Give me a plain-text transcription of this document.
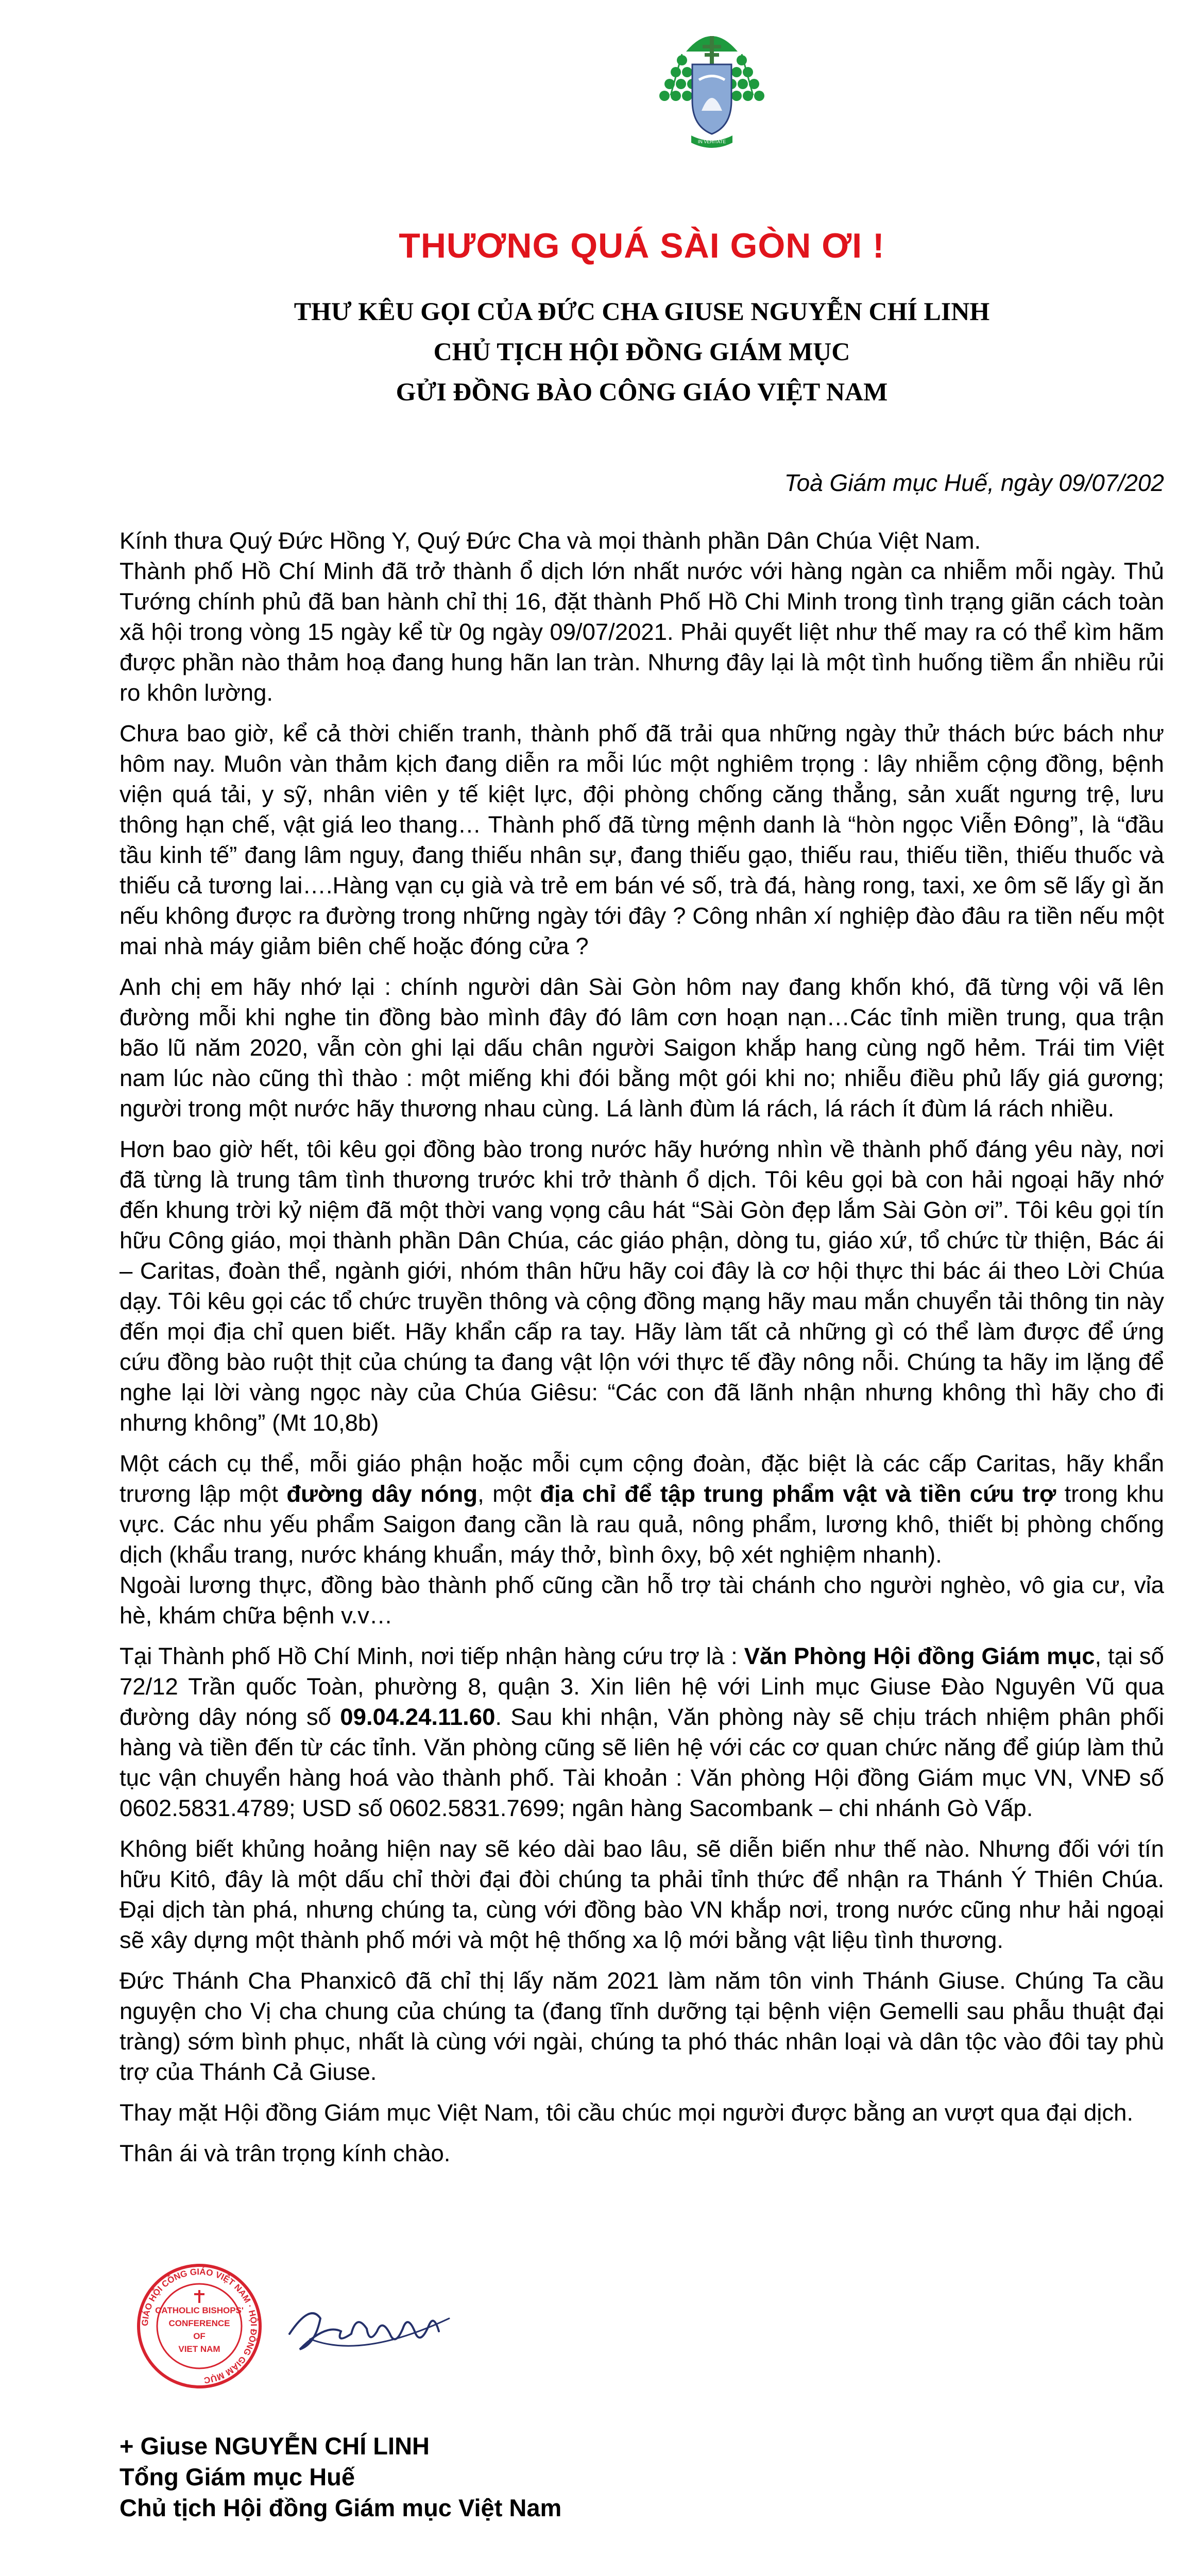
IN VERITATE
THƯƠNG QUÁ SÀI GÒN ƠI !
THƯ KÊU GỌI CỦA ĐỨC CHA GIUSE NGUYỄN CHÍ LINH
CHỦ TỊCH HỘI ĐỒNG GIÁM MỤC
GỬI ĐỒNG BÀO CÔNG GIÁO VIỆT NAM
Toà Giám mục Huế, ngày 09/07/202

Kính thưa Quý Đức Hồng Y, Quý Đức Cha và mọi thành phần Dân Chúa Việt Nam.

Thành phố Hồ Chí Minh đã trở thành ổ dịch lớn nhất nước với hàng ngàn ca nhiễm mỗi ngày. Thủ Tướng chính phủ đã ban hành chỉ thị 16, đặt thành Phố Hồ Chi Minh trong tình trạng giãn cách toàn xã hội trong vòng 15 ngày kể từ 0g ngày 09/07/2021. Phải quyết liệt như thế may ra có thể kìm hãm được phần nào thảm hoạ đang hung hãn lan tràn. Nhưng đây lại là một tình huống tiềm ẩn nhiều rủi ro khôn lường.

Chưa bao giờ, kể cả thời chiến tranh, thành phố đã trải qua những ngày thử thách bức bách như hôm nay. Muôn vàn thảm kịch đang diễn ra mỗi lúc một nghiêm trọng : lây nhiễm cộng đồng, bệnh viện quá tải, y sỹ, nhân viên y tế kiệt lực, đội phòng chống căng thẳng, sản xuất ngưng trệ, lưu thông hạn chế, vật giá leo thang… Thành phố đã từng mệnh danh là “hòn ngọc Viễn Đông”, là “đầu tầu kinh tế” đang lâm nguy, đang thiếu nhân sự, đang thiếu gạo, thiếu rau, thiếu tiền, thiếu thuốc và thiếu cả tương lai….Hàng vạn cụ già và trẻ em bán vé số, trà đá, hàng rong, taxi, xe ôm sẽ lấy gì ăn nếu không được ra đường trong những ngày tới đây ? Công nhân xí nghiệp đào đâu ra tiền nếu một mai nhà máy giảm biên chế hoặc đóng cửa ?

Anh chị em hãy nhớ lại : chính người dân Sài Gòn hôm nay đang khốn khó, đã từng vội vã lên đường mỗi khi nghe tin đồng bào mình đây đó lâm cơn hoạn nạn…Các tỉnh miền trung, qua trận bão lũ năm 2020, vẫn còn ghi lại dấu chân người Saigon khắp hang cùng ngõ hẻm. Trái tim Việt nam lúc nào cũng thì thào : một miếng khi đói bằng một gói khi no; nhiễu điều phủ lấy giá gương; người trong một nước hãy thương nhau cùng. Lá lành đùm lá rách, lá rách ít đùm lá rách nhiều.

Hơn bao giờ hết, tôi kêu gọi đồng bào trong nước hãy hướng nhìn về thành phố đáng yêu này, nơi đã từng là trung tâm tình thương trước khi trở thành ổ dịch. Tôi kêu gọi bà con hải ngoại hãy nhớ đến khung trời kỷ niệm đã một thời vang vọng câu hát “Sài Gòn đẹp lắm Sài Gòn ơi”. Tôi kêu gọi tín hữu Công giáo, mọi thành phần Dân Chúa, các giáo phận, dòng tu, giáo xứ, tổ chức từ thiện, Bác ái – Caritas, đoàn thể, ngành giới, nhóm thân hữu hãy coi đây là cơ hội thực thi bác ái theo Lời Chúa dạy. Tôi kêu gọi các tổ chức truyền thông và cộng đồng mạng hãy mau mắn chuyển tải thông tin này đến mọi địa chỉ quen biết. Hãy khẩn cấp ra tay. Hãy làm tất cả những gì có thể làm được để ứng cứu đồng bào ruột thịt của chúng ta đang vật lộn với thực tế đầy nông nỗi. Chúng ta hãy im lặng để nghe lại lời vàng ngọc này của Chúa Giêsu: “Các con đã lãnh nhận nhưng không thì hãy cho đi nhưng không” (Mt 10,8b)

Một cách cụ thể, mỗi giáo phận hoặc mỗi cụm cộng đoàn, đặc biệt là các cấp Caritas, hãy khẩn trương lập một đường dây nóng, một địa chỉ để tập trung phẩm vật và tiền cứu trợ trong khu vực. Các nhu yếu phẩm Saigon đang cần là rau quả, nông phẩm, lương khô, thiết bị phòng chống dịch (khẩu trang, nước kháng khuẩn, máy thở, bình ôxy, bộ xét nghiệm nhanh).

Ngoài lương thực, đồng bào thành phố cũng cần hỗ trợ tài chánh cho người nghèo, vô gia cư, vỉa hè, khám chữa bệnh v.v…

Tại Thành phố Hồ Chí Minh, nơi tiếp nhận hàng cứu trợ là : Văn Phòng Hội đồng Giám mục, tại số 72/12 Trần quốc Toàn, phường 8, quận 3. Xin liên hệ với Linh mục Giuse Đào Nguyên Vũ qua đường dây nóng số 09.04.24.11.60. Sau khi nhận, Văn phòng này sẽ chịu trách nhiệm phân phối hàng và tiền đến từ các tỉnh. Văn phòng cũng sẽ liên hệ với các cơ quan chức năng để giúp làm thủ tục vận chuyển hàng hoá vào thành phố. Tài khoản : Văn phòng Hội đồng Giám mục VN, VNĐ số 0602.5831.4789; USD số 0602.5831.7699; ngân hàng Sacombank – chi nhánh Gò Vấp.

Không biết khủng hoảng hiện nay sẽ kéo dài bao lâu, sẽ diễn biến như thế nào. Nhưng đối với tín hữu Kitô, đây là một dấu chỉ thời đại đòi chúng ta phải tỉnh thức để nhận ra Thánh Ý Thiên Chúa. Đại dịch tàn phá, nhưng chúng ta, cùng với đồng bào VN khắp nơi, trong nước cũng như hải ngoại sẽ xây dựng một thành phố mới và một hệ thống xa lộ mới bằng vật liệu tình thương.

Đức Thánh Cha Phanxicô đã chỉ thị lấy năm 2021 làm năm tôn vinh Thánh Giuse. Chúng Ta cầu nguyện cho Vị cha chung của chúng ta (đang tĩnh dưỡng tại bệnh viện Gemelli sau phẫu thuật đại tràng) sớm bình phục, nhất là cùng với ngài, chúng ta phó thác nhân loại và dân tộc vào đôi tay phù trợ của Thánh Cả Giuse.

Thay mặt Hội đồng Giám mục Việt Nam, tôi cầu chúc mọi người được bằng an vượt qua đại dịch.

Thân ái và trân trọng kính chào.

GIÁO HỘI CÔNG GIÁO VIỆT NAM · HỘI ĐỒNG GIÁM MỤC
CATHOLIC BISHOPS'
CONFERENCE
OF
VIET NAM
+ Giuse NGUYỄN CHÍ LINH
Tổng Giám mục Huế
Chủ tịch Hội đồng Giám mục Việt Nam
